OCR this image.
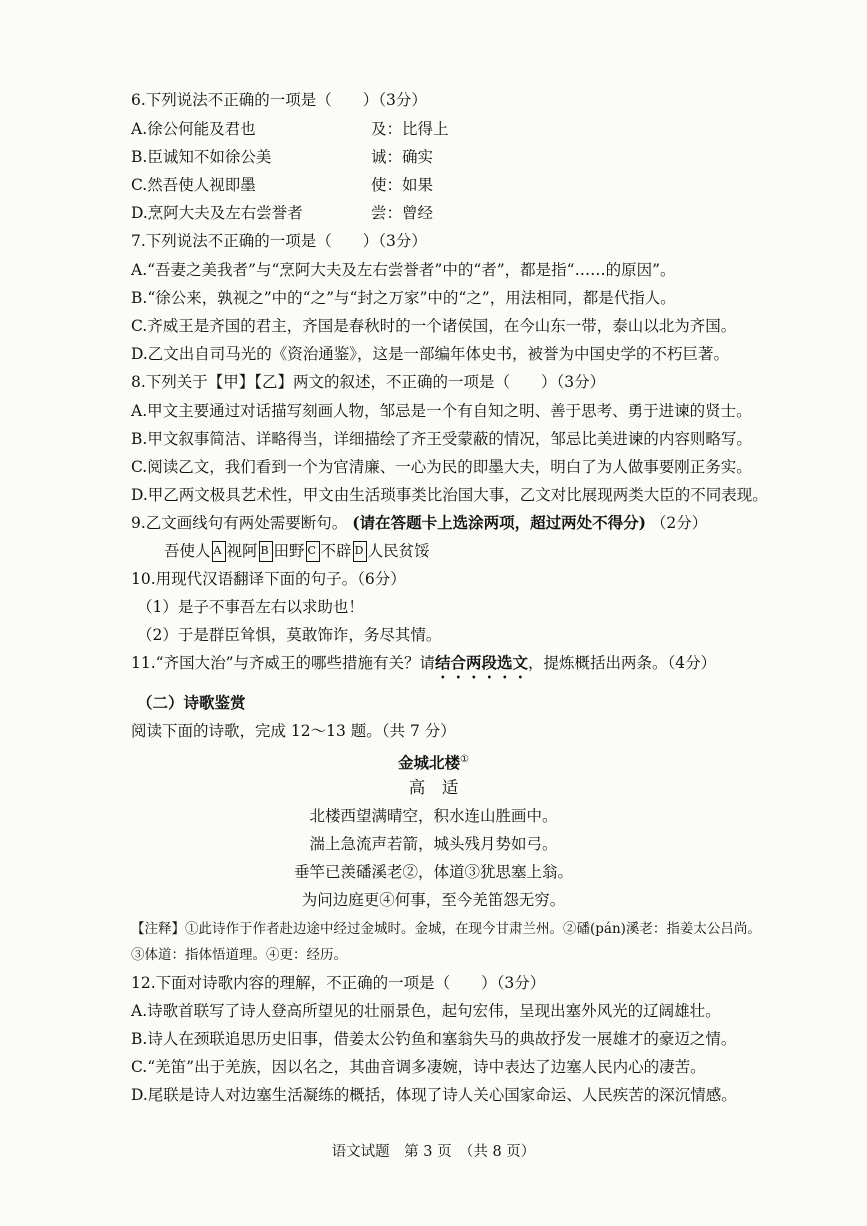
6.下列说法不正确的一项是（　　）（3分）
A.徐公何能及君也	及：比得上
B.臣诚知不如徐公美	诚：确实
C.然吾使人视即墨	使：如果
D.烹阿大夫及左右尝誉者	尝：曾经
7.下列说法不正确的一项是（　　）（3分）
A.“吾妻之美我者”与“烹阿大夫及左右尝誉者”中的“者”，都是指“……的原因”。
B.“徐公来，孰视之”中的“之”与“封之万家”中的“之”，用法相同，都是代指人。
C.齐威王是齐国的君主，齐国是春秋时的一个诸侯国，在今山东一带，泰山以北为齐国。
D.乙文出自司马光的《资治通鉴》，这是一部编年体史书，被誉为中国史学的不朽巨著。
8.下列关于【甲】【乙】两文的叙述，不正确的一项是（　　）（3分）
A.甲文主要通过对话描写刻画人物，邹忌是一个有自知之明、善于思考、勇于进谏的贤士。
B.甲文叙事简洁、详略得当，详细描绘了齐王受蒙蔽的情况，邹忌比美进谏的内容则略写。
C.阅读乙文，我们看到一个为官清廉、一心为民的即墨大夫，明白了为人做事要刚正务实。
D.甲乙两文极具艺术性，甲文由生活琐事类比治国大事，乙文对比展现两类大臣的不同表现。
9.乙文画线句有两处需要断句。 (请在答题卡上选涂两项，超过两处不得分) （2分）
吾使人 A 视阿 B 田野 C 不辟 D 人民贫馁
10.用现代汉语翻译下面的句子。（6分）
（1）是子不事吾左右以求助也！
（2）于是群臣耸惧，莫敢饰诈，务尽其情。
11.“齐国大治”与齐威王的哪些措施有关？请结合两段选文，提炼概括出两条。（4分）
（二）诗歌鉴赏
阅读下面的诗歌，完成 12～13 题。（共 7 分）
金城北楼①
高　适
北楼西望满晴空，积水连山胜画中。
湍上急流声若箭，城头残月势如弓。
垂竿已羡磻溪老②，体道③犹思塞上翁。
为问边庭更④何事，至今羌笛怨无穷。
【注释】①此诗作于作者赴边途中经过金城时。金城，在现今甘肃兰州。②磻(pán)溪老：指姜太公吕尚。
③体道：指体悟道理。④更：经历。
12.下面对诗歌内容的理解，不正确的一项是（　　）（3分）
A.诗歌首联写了诗人登高所望见的壮丽景色，起句宏伟，呈现出塞外风光的辽阔雄壮。
B.诗人在颈联追思历史旧事，借姜太公钓鱼和塞翁失马的典故抒发一展雄才的豪迈之情。
C.“羌笛”出于羌族，因以名之，其曲音调多凄婉，诗中表达了边塞人民内心的凄苦。
D.尾联是诗人对边塞生活凝练的概括，体现了诗人关心国家命运、人民疾苦的深沉情感。
语文试题　第 3 页　（共 8 页）
